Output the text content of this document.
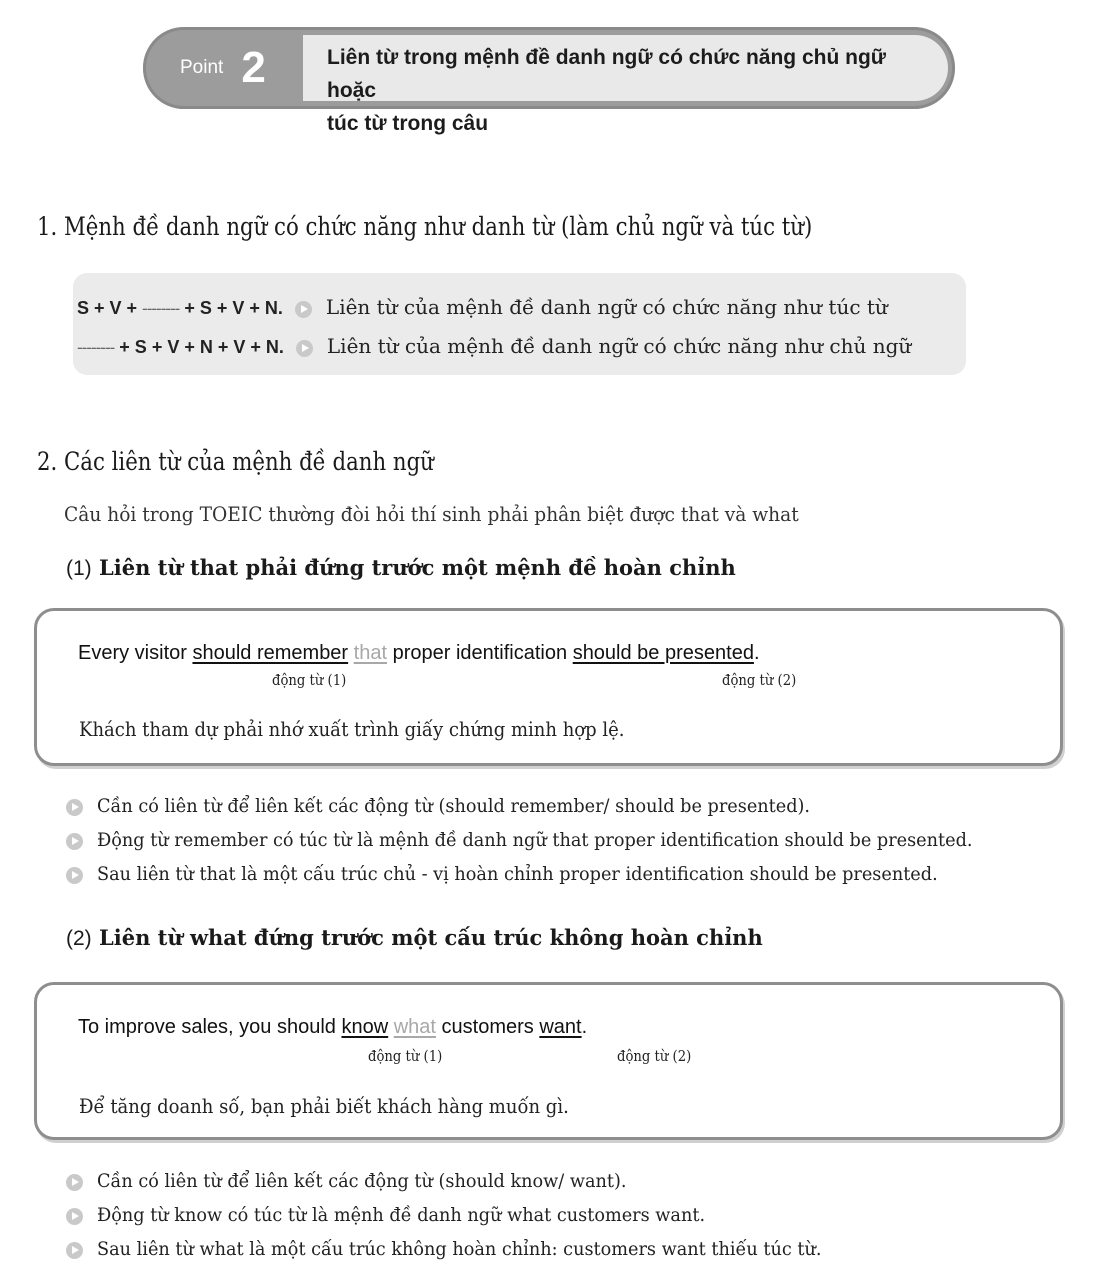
Point 2	Liên từ trong mệnh đề danh ngữ có chức năng chủ ngữ hoặc
túc từ trong câu
1. Mệnh đề danh ngữ có chức năng như danh từ (làm chủ ngữ và túc từ)
S + V + -------- + S + V + N. Liên từ của mệnh đề danh ngữ có chức năng như túc từ
-------- + S + V + N + V + N. Liên từ của mệnh đề danh ngữ có chức năng như chủ ngữ
2. Các liên từ của mệnh đề danh ngữ
Câu hỏi trong TOEIC thường đòi hỏi thí sinh phải phân biệt được that và what
(1) Liên từ that phải đứng trước một mệnh đề hoàn chỉnh
Every visitor should remember that proper identification should be presented.
động từ (1)	động từ (2)
Khách tham dự phải nhớ xuất trình giấy chứng minh hợp lệ.
Cần có liên từ để liên kết các động từ (should remember/ should be presented).
Động từ remember có túc từ là mệnh đề danh ngữ that proper identification should be presented.
Sau liên từ that là một cấu trúc chủ - vị hoàn chỉnh proper identification should be presented.
(2) Liên từ what đứng trước một cấu trúc không hoàn chỉnh
To improve sales, you should know what customers want.
động từ (1)	động từ (2)
Để tăng doanh số, bạn phải biết khách hàng muốn gì.
Cần có liên từ để liên kết các động từ (should know/ want).
Động từ know có túc từ là mệnh đề danh ngữ what customers want.
Sau liên từ what là một cấu trúc không hoàn chỉnh: customers want thiếu túc từ.
